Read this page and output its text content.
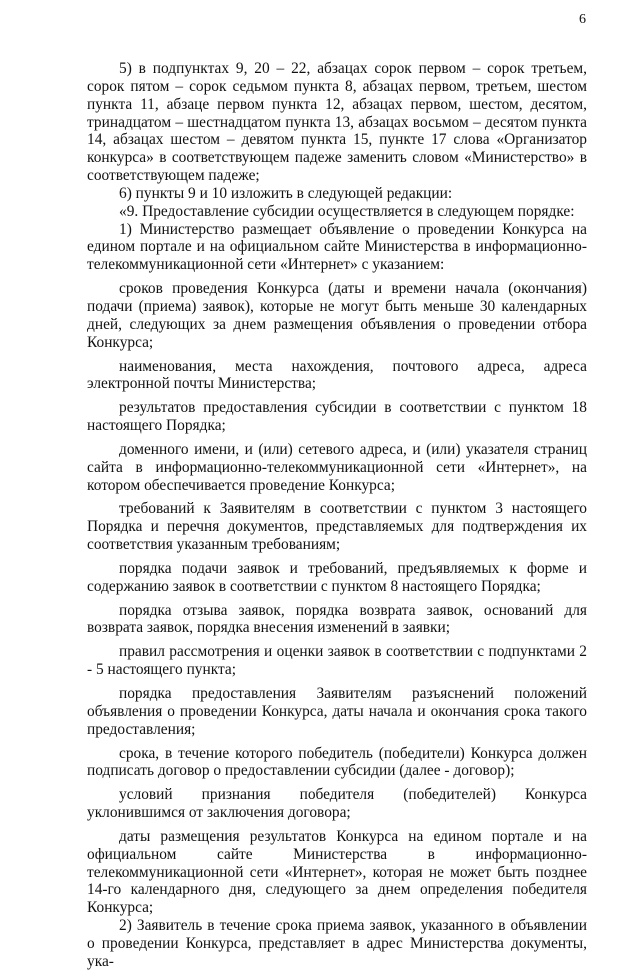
6

5) в подпунктах 9, 20 – 22, абзацах сорок первом – сорок третьем, сорок пятом – сорок седьмом пункта 8, абзацах первом, третьем, шестом пункта 11, абзаце первом пункта 12, абзацах первом, шестом, десятом, тринадцатом – шестнадцатом пункта 13, абзацах восьмом – десятом пункта 14, абзацах шестом – девятом пункта 15, пункте 17 слова «Организатор конкурса» в соответствующем падеже заменить словом «Министерство» в соответствующем падеже;

6) пункты 9 и 10 изложить в следующей редакции:

«9. Предоставление субсидии осуществляется в следующем порядке:

1) Министерство размещает объявление о проведении Конкурса на едином портале и на официальном сайте Министерства в информационно-телекоммуникационной сети «Интернет» с указанием:

сроков проведения Конкурса (даты и времени начала (окончания) подачи (приема) заявок), которые не могут быть меньше 30 календарных дней, следующих за днем размещения объявления о проведении отбора Конкурса;

наименования, места нахождения, почтового адреса, адреса электронной почты Министерства;

результатов предоставления субсидии в соответствии с пунктом 18 настоящего Порядка;

доменного имени, и (или) сетевого адреса, и (или) указателя страниц сайта в информационно-телекоммуникационной сети «Интернет», на котором обеспечивается проведение Конкурса;

требований к Заявителям в соответствии с пунктом 3 настоящего Порядка и перечня документов, представляемых для подтверждения их соответствия указанным требованиям;

порядка подачи заявок и требований, предъявляемых к форме и содержанию заявок в соответствии с пунктом 8 настоящего Порядка;

порядка отзыва заявок, порядка возврата заявок, оснований для возврата заявок, порядка внесения изменений в заявки;

правил рассмотрения и оценки заявок в соответствии с подпунктами 2 - 5 настоящего пункта;

порядка предоставления Заявителям разъяснений положений объявления о проведении Конкурса, даты начала и окончания срока такого предоставления;

срока, в течение которого победитель (победители) Конкурса должен подписать договор о предоставлении субсидии (далее - договор);

условий признания победителя (победителей) Конкурса уклонившимся от заключения договора;

даты размещения результатов Конкурса на едином портале и на официальном сайте Министерства в информационно-телекоммуникационной сети «Интернет», которая не может быть позднее 14-го календарного дня, следующего за днем определения победителя Конкурса;

2) Заявитель в течение срока приема заявок, указанного в объявлении о проведении Конкурса, представляет в адрес Министерства документы, ука-
